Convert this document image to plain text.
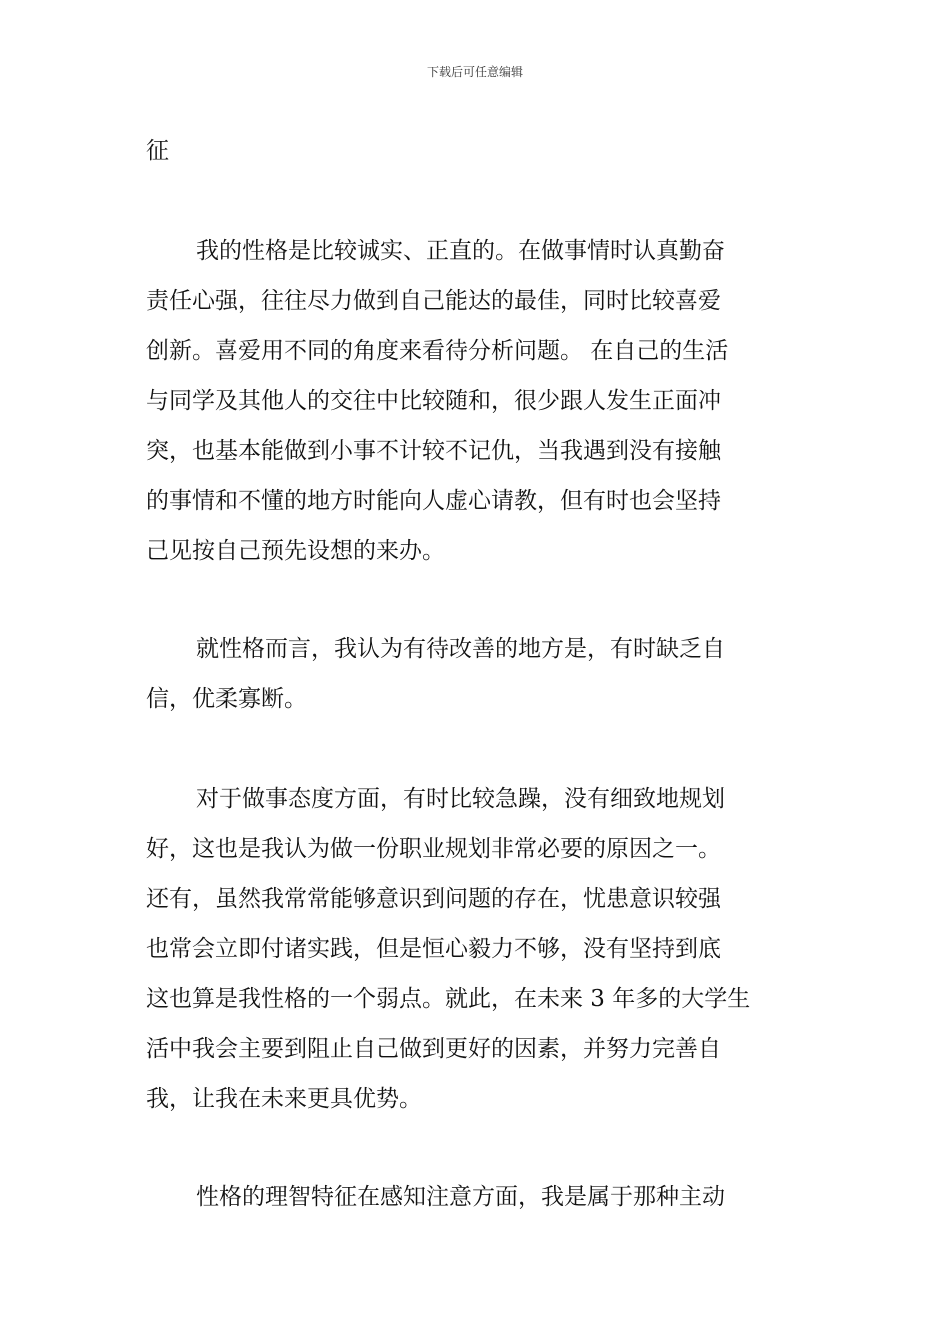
下载后可任意编辑
征
我的性格是比较诚实、正直的。在做事情时认真勤奋
责任心强，往往尽力做到自己能达的最佳，同时比较喜爱
创新。喜爱用不同的角度来看待分析问题。 在自己的生活
与同学及其他人的交往中比较随和，很少跟人发生正面冲
突，也基本能做到小事不计较不记仇，当我遇到没有接触
的事情和不懂的地方时能向人虚心请教，但有时也会坚持
己见按自己预先设想的来办。
就性格而言，我认为有待改善的地方是，有时缺乏自
信，优柔寡断。
对于做事态度方面，有时比较急躁，没有细致地规划
好，这也是我认为做一份职业规划非常必要的原因之一。
还有，虽然我常常能够意识到问题的存在，忧患意识较强
也常会立即付诸实践，但是恒心毅力不够，没有坚持到底
这也算是我性格的一个弱点。就此，在未来 3 年多的大学生
活中我会主要到阻止自己做到更好的因素，并努力完善自
我，让我在未来更具优势。
性格的理智特征在感知注意方面，我是属于那种主动
